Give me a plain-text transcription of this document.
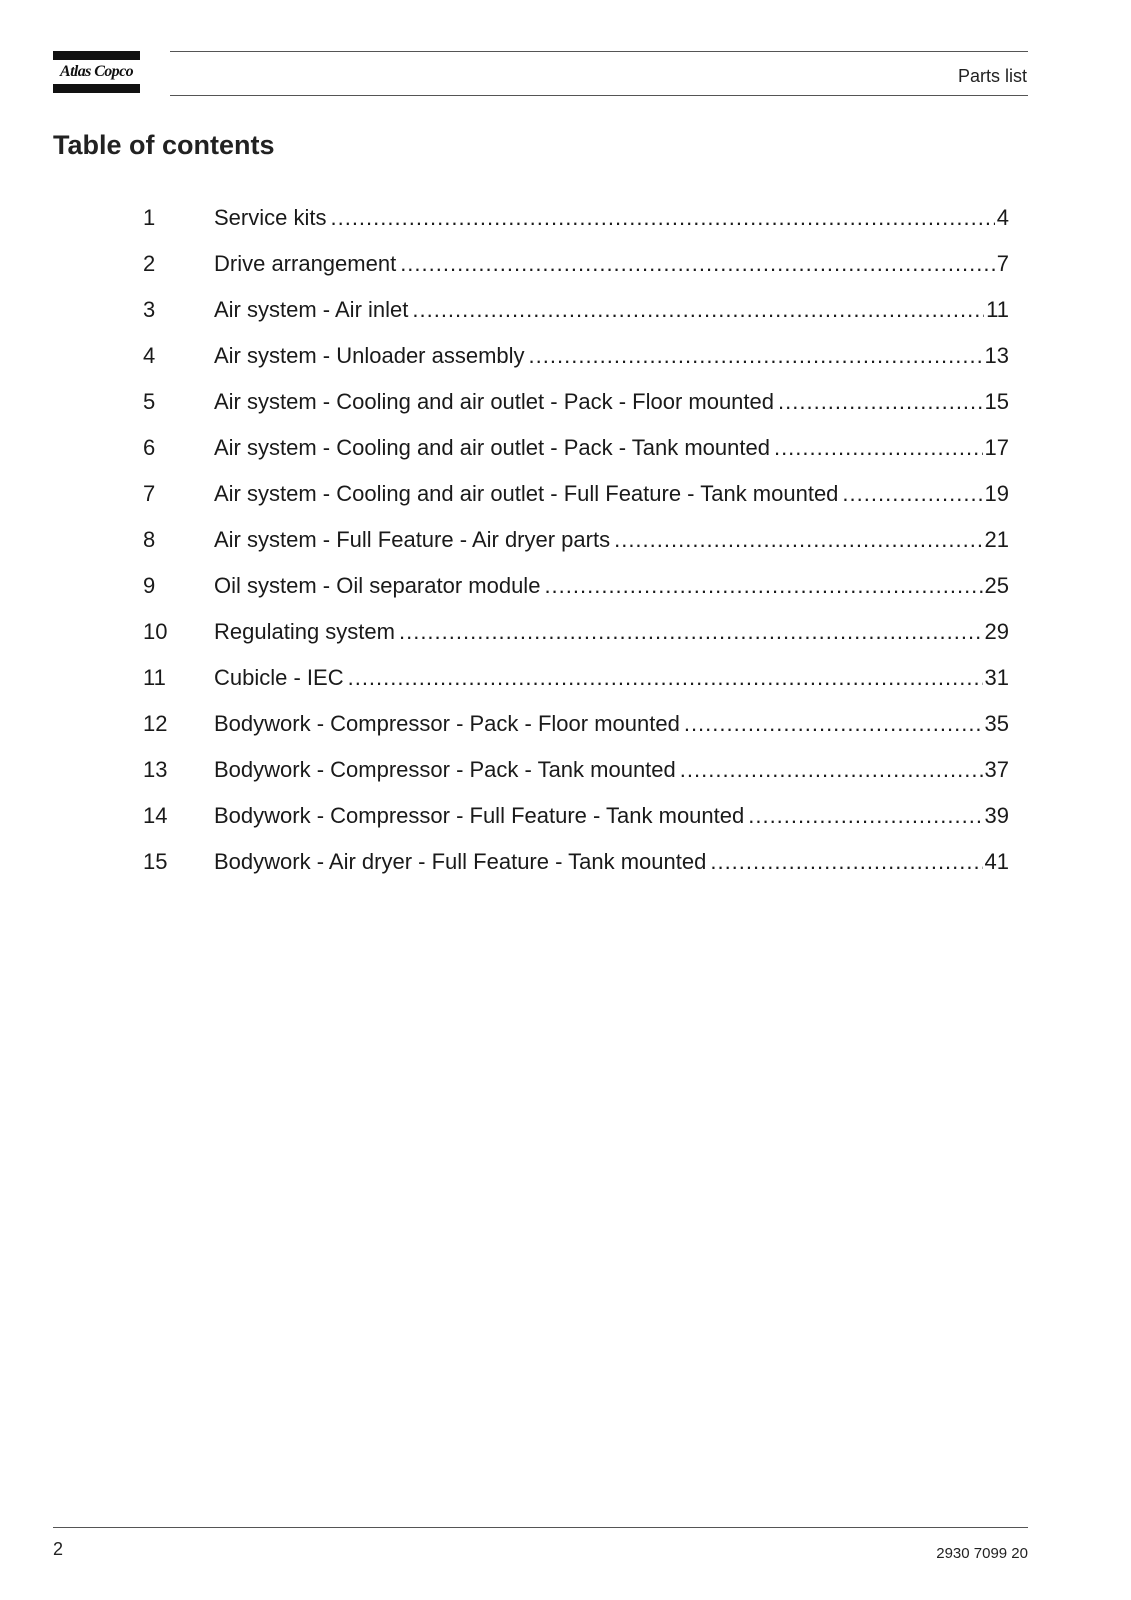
Atlas Copco	Parts list
Table of contents
1	Service kits .....	4
2	Drive arrangement .....	7
3	Air system - Air inlet .....	11
4	Air system - Unloader assembly .....	13
5	Air system - Cooling and air outlet - Pack - Floor mounted .....	15
6	Air system - Cooling and air outlet - Pack - Tank mounted .....	17
7	Air system - Cooling and air outlet - Full Feature - Tank mounted .....	19
8	Air system - Full Feature - Air dryer parts .....	21
9	Oil system - Oil separator module .....	25
10	Regulating system .....	29
11	Cubicle - IEC .....	31
12	Bodywork - Compressor - Pack - Floor mounted .....	35
13	Bodywork - Compressor - Pack - Tank mounted .....	37
14	Bodywork - Compressor - Full Feature - Tank mounted .....	39
15	Bodywork - Air dryer - Full Feature - Tank mounted .....	41
2	2930 7099 20
